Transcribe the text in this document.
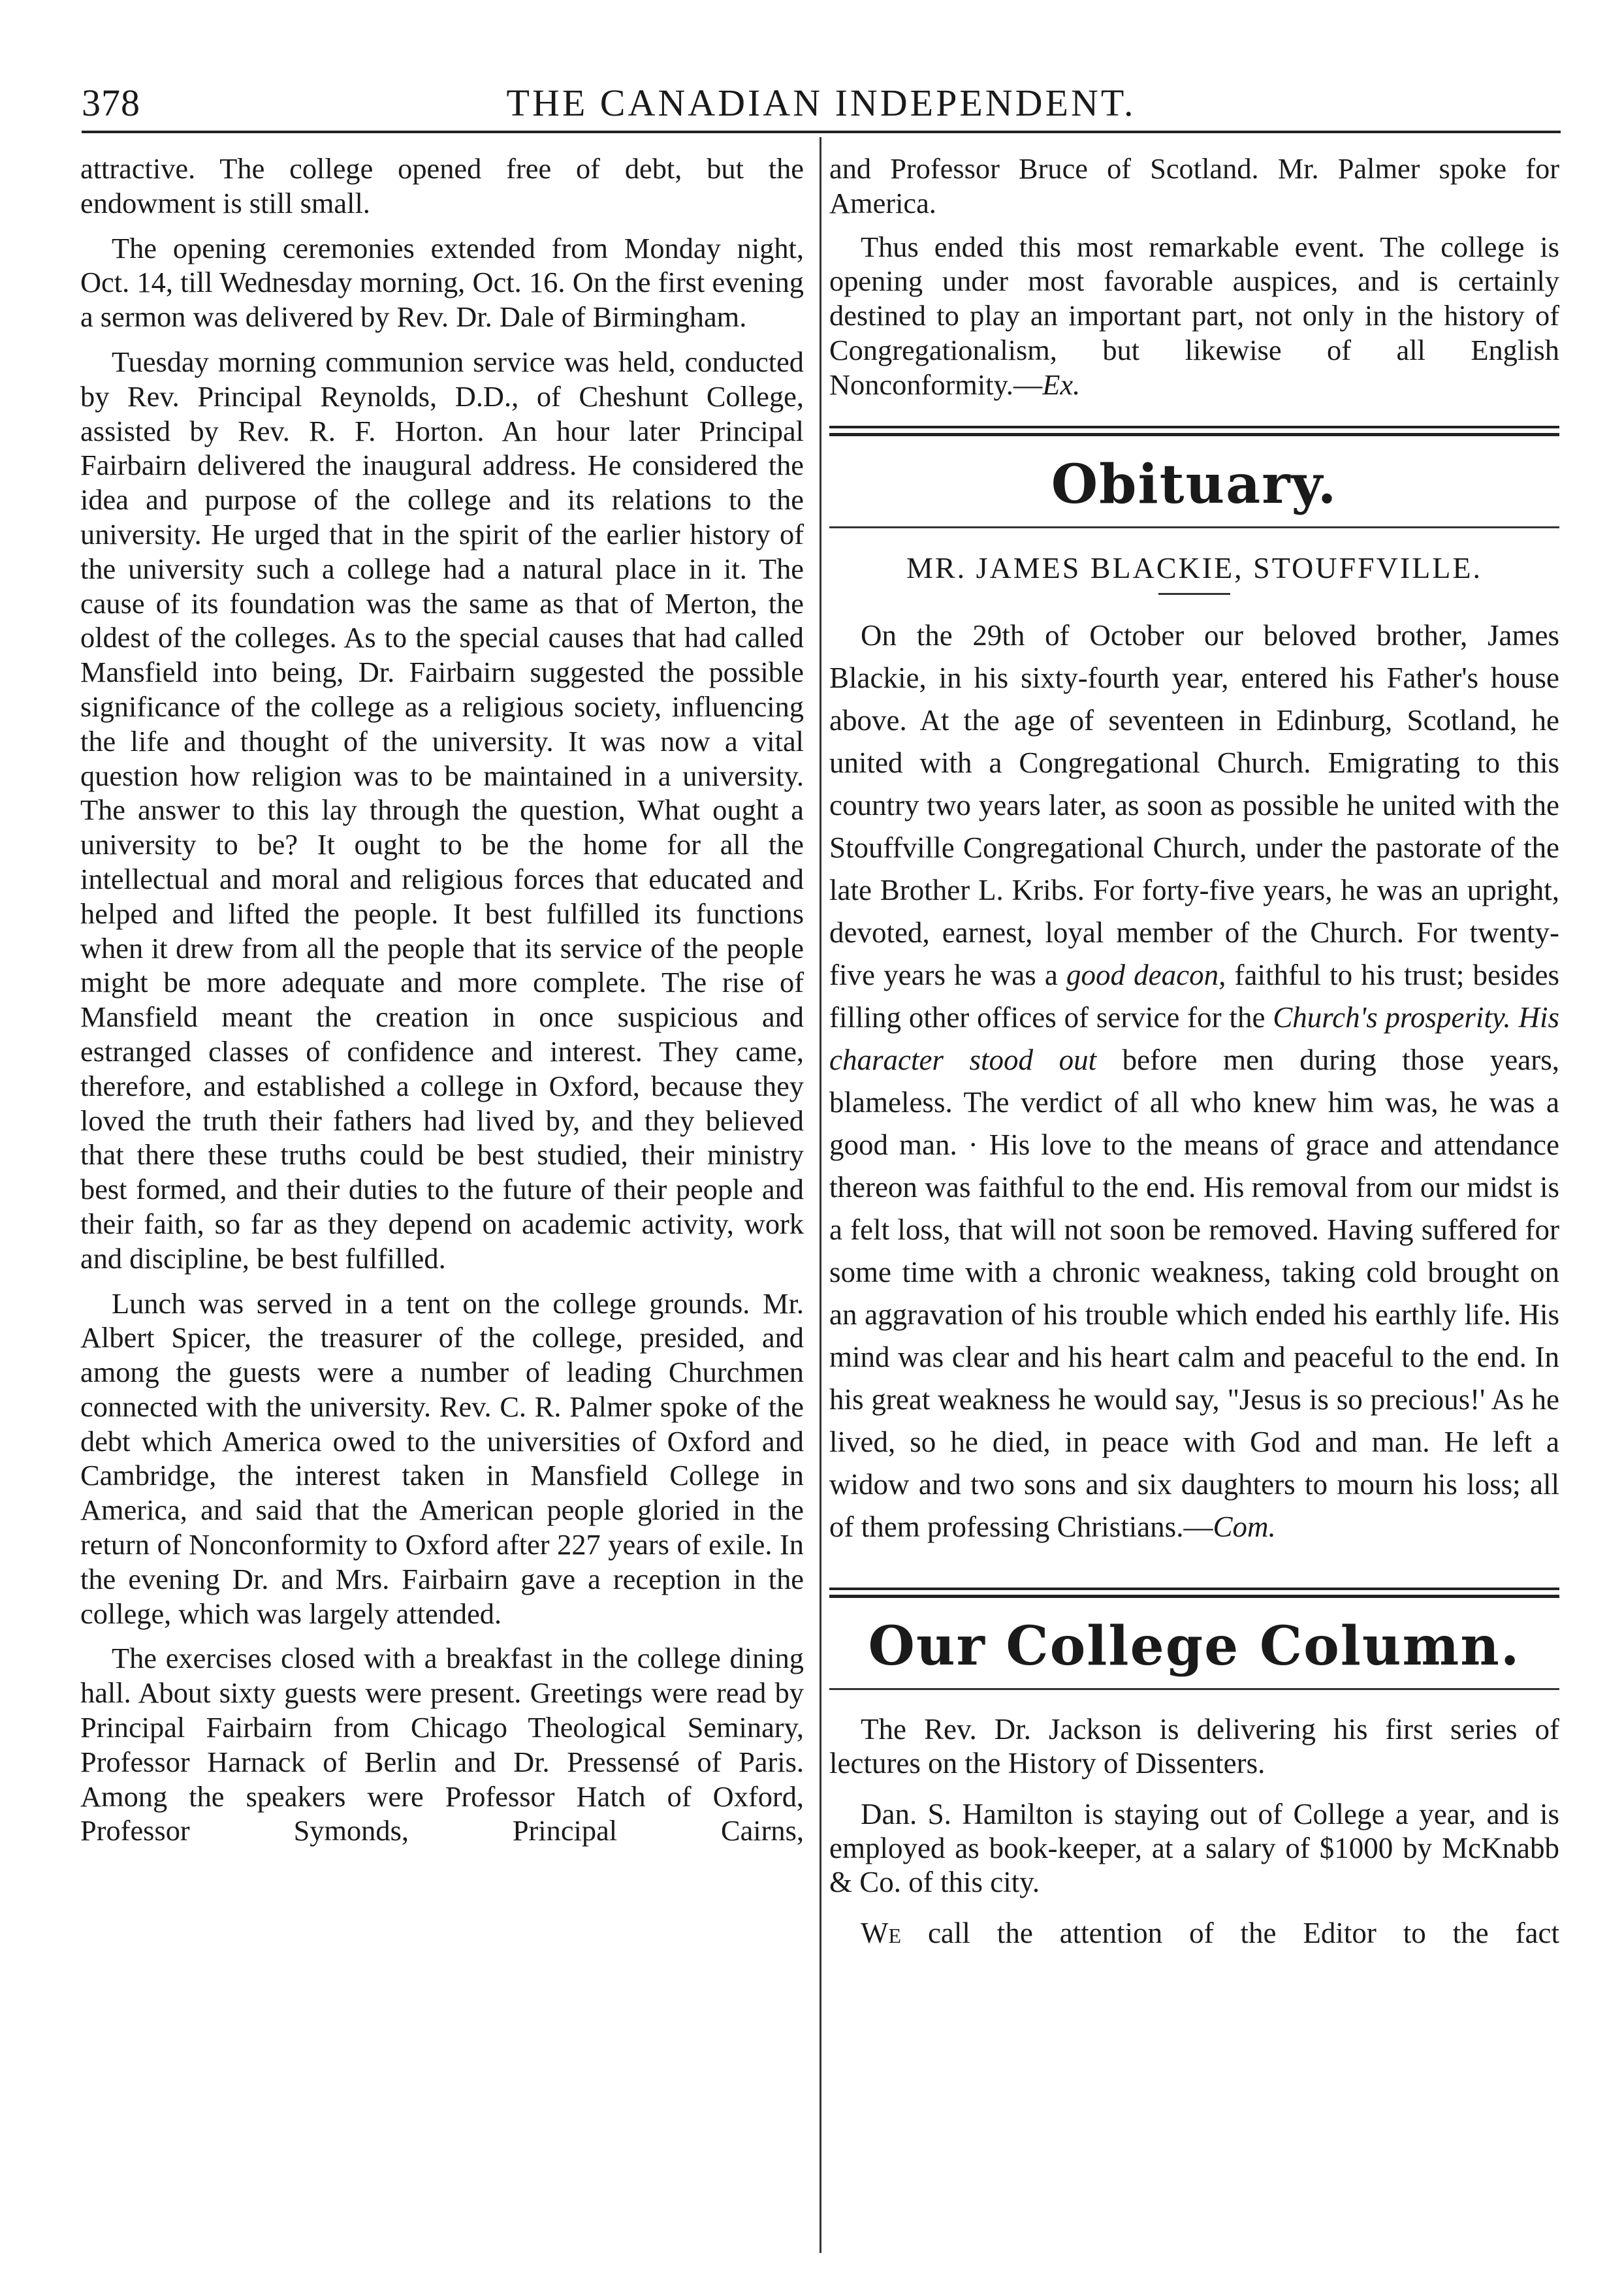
378	THE CANADIAN INDEPENDENT.

attractive. The college opened free of debt, but the endowment is still small.

The opening ceremonies extended from Monday night, Oct. 14, till Wednesday morning, Oct. 16. On the first evening a sermon was delivered by Rev. Dr. Dale of Birmingham.

Tuesday morning communion service was held, conducted by Rev. Principal Reynolds, D.D., of Cheshunt College, assisted by Rev. R. F. Horton. An hour later Principal Fairbairn delivered the inaugural address. He considered the idea and purpose of the college and its relations to the university. He urged that in the spirit of the earlier history of the university such a college had a natural place in it. The cause of its foundation was the same as that of Merton, the oldest of the colleges. As to the special causes that had called Mansfield into being, Dr. Fairbairn suggested the possible significance of the college as a religious society, influencing the life and thought of the university. It was now a vital question how religion was to be maintained in a university. The answer to this lay through the question, What ought a university to be? It ought to be the home for all the intellectual and moral and religious forces that educated and helped and lifted the people. It best fulfilled its functions when it drew from all the people that its service of the people might be more adequate and more complete. The rise of Mansfield meant the creation in once suspicious and estranged classes of confidence and interest. They came, therefore, and established a college in Oxford, because they loved the truth their fathers had lived by, and they believed that there these truths could be best studied, their ministry best formed, and their duties to the future of their people and their faith, so far as they depend on academic activity, work and discipline, be best fulfilled.

Lunch was served in a tent on the college grounds. Mr. Albert Spicer, the treasurer of the college, presided, and among the guests were a number of leading Churchmen connected with the university. Rev. C. R. Palmer spoke of the debt which America owed to the universities of Oxford and Cambridge, the interest taken in Mansfield College in America, and said that the American people gloried in the return of Nonconformity to Oxford after 227 years of exile. In the evening Dr. and Mrs. Fairbairn gave a reception in the college, which was largely attended.

The exercises closed with a breakfast in the college dining hall. About sixty guests were present. Greetings were read by Principal Fairbairn from Chicago Theological Seminary, Professor Harnack of Berlin and Dr. Pressensé of Paris. Among the speakers were Professor Hatch of Oxford, Professor Symonds, Principal Cairns,

and Professor Bruce of Scotland. Mr. Palmer spoke for America.

Thus ended this most remarkable event. The college is opening under most favorable auspices, and is certainly destined to play an important part, not only in the history of Congregationalism, but likewise of all English Nonconformity.—Ex.

Obituary.
MR. JAMES BLACKIE, STOUFFVILLE.

On the 29th of October our beloved brother, James Blackie, in his sixty-fourth year, entered his Father's house above. At the age of seventeen in Edinburg, Scotland, he united with a Congregational Church. Emigrating to this country two years later, as soon as possible he united with the Stouffville Congregational Church, under the pastorate of the late Brother L. Kribs. For forty-five years, he was an upright, devoted, earnest, loyal member of the Church. For twenty-five years he was a good deacon, faithful to his trust; besides filling other offices of service for the Church's prosperity. His character stood out before men during those years, blameless. The verdict of all who knew him was, he was a good man. · His love to the means of grace and attendance thereon was faithful to the end. His removal from our midst is a felt loss, that will not soon be removed. Having suffered for some time with a chronic weakness, taking cold brought on an aggravation of his trouble which ended his earthly life. His mind was clear and his heart calm and peaceful to the end. In his great weakness he would say, "Jesus is so precious!' As he lived, so he died, in peace with God and man. He left a widow and two sons and six daughters to mourn his loss; all of them professing Christians.—Com.

Our College Column.

The Rev. Dr. Jackson is delivering his first series of lectures on the History of Dissenters.

Dan. S. Hamilton is staying out of College a year, and is employed as book-keeper, at a salary of $1000 by McKnabb & Co. of this city.

We call the attention of the Editor to the fact
